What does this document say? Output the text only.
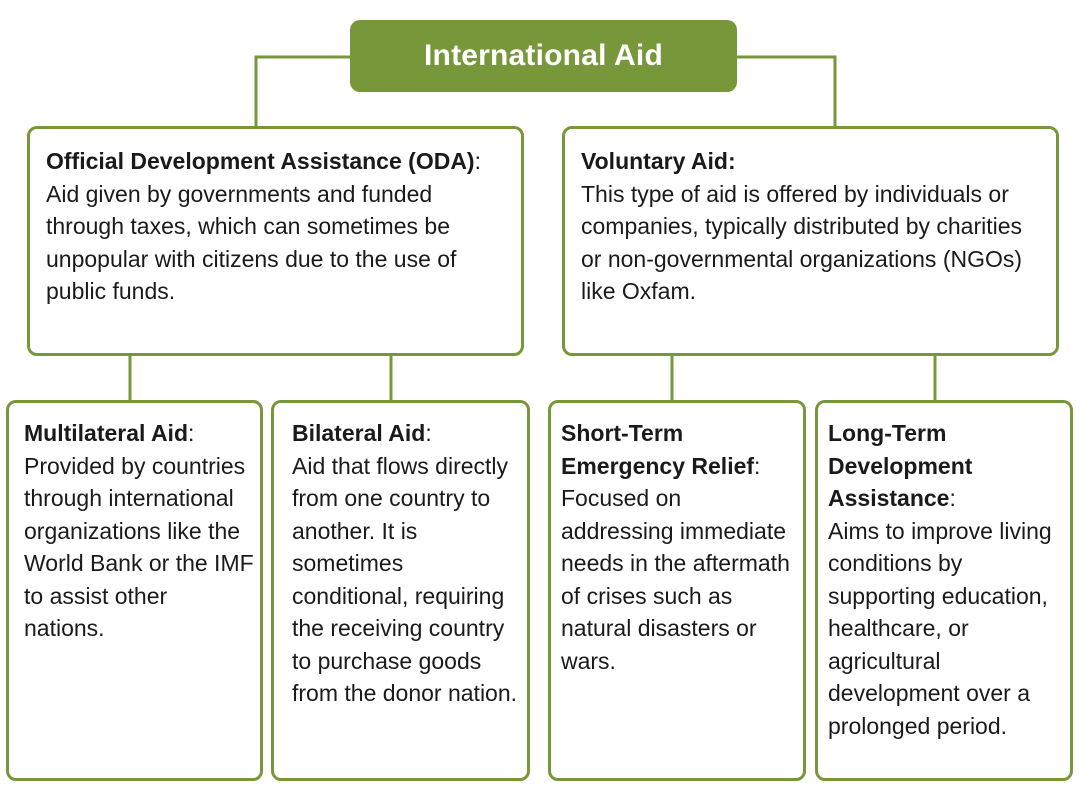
International Aid
Official Development Assistance (ODA):
Aid given by governments and funded through taxes, which can sometimes be unpopular with citizens due to the use of public funds.
Voluntary Aid:
This type of aid is offered by individuals or companies, typically distributed by charities or non-governmental organizations (NGOs) like Oxfam.
Multilateral Aid:
Provided by countries through international organizations like the World Bank or the IMF to assist other nations.
Bilateral Aid:
Aid that flows directly from one country to another. It is sometimes conditional, requiring the receiving country to purchase goods from the donor nation.
Short-Term Emergency Relief:
Focused on addressing immediate needs in the aftermath of crises such as natural disasters or wars.
Long-Term Development Assistance:
Aims to improve living conditions by supporting education, healthcare, or agricultural development over a prolonged period.
